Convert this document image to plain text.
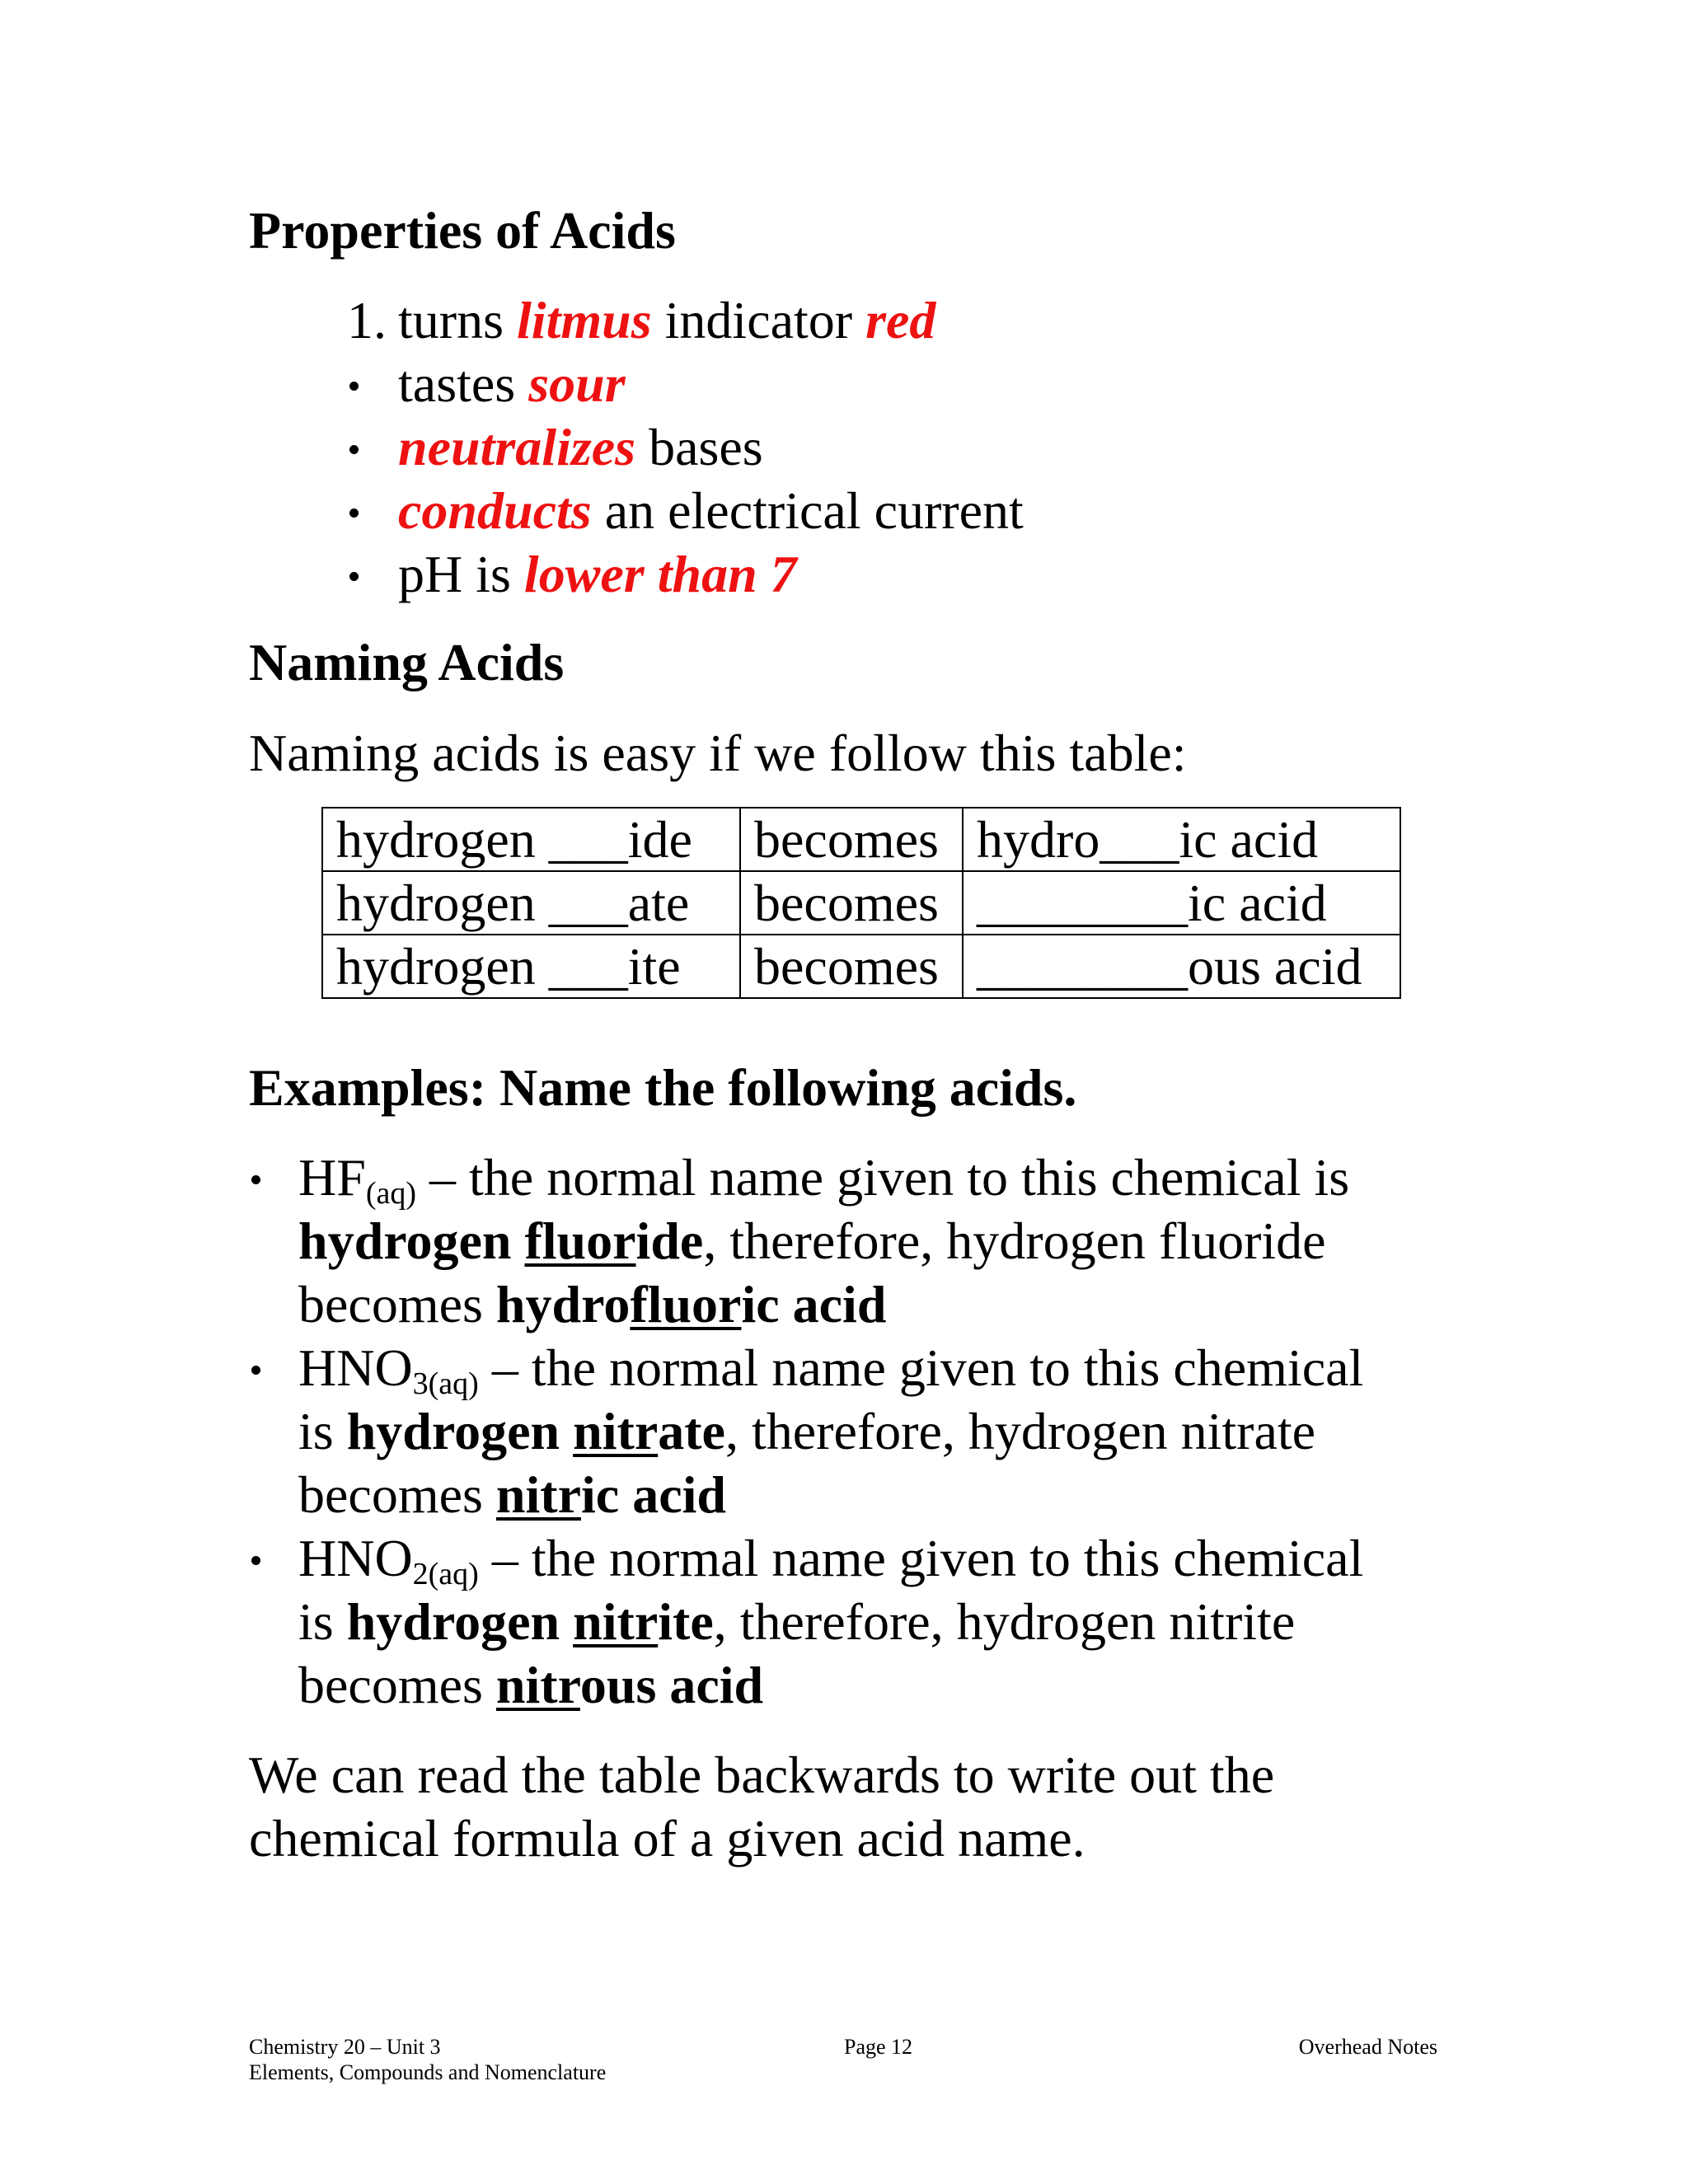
Properties of Acids
1. turns litmus indicator red
tastes sour
neutralizes bases
conducts an electrical current
pH is lower than 7
Naming Acids

Naming acids is easy if we follow this table:

hydrogen ___ide	becomes	hydro___ic acid
hydrogen ___ate	becomes	________ic acid
hydrogen ___ite	becomes	________ous acid
Examples: Name the following acids.
$HF_{(aq)}$ – the normal name given to this chemical is
hydrogen fluoride, therefore, hydrogen fluoride
becomes hydrofluoric acid
$HNO_{3(aq)}$ – the normal name given to this chemical
is hydrogen nitrate, therefore, hydrogen nitrate
becomes nitric acid
$HNO_{2(aq)}$ – the normal name given to this chemical
is hydrogen nitrite, therefore, hydrogen nitrite
becomes nitrous acid

We can read the table backwards to write out the
chemical formula of a given acid name.

Chemistry 20 – Unit 3
Elements, Compounds and Nomenclature
Page 12	Overhead Notes
